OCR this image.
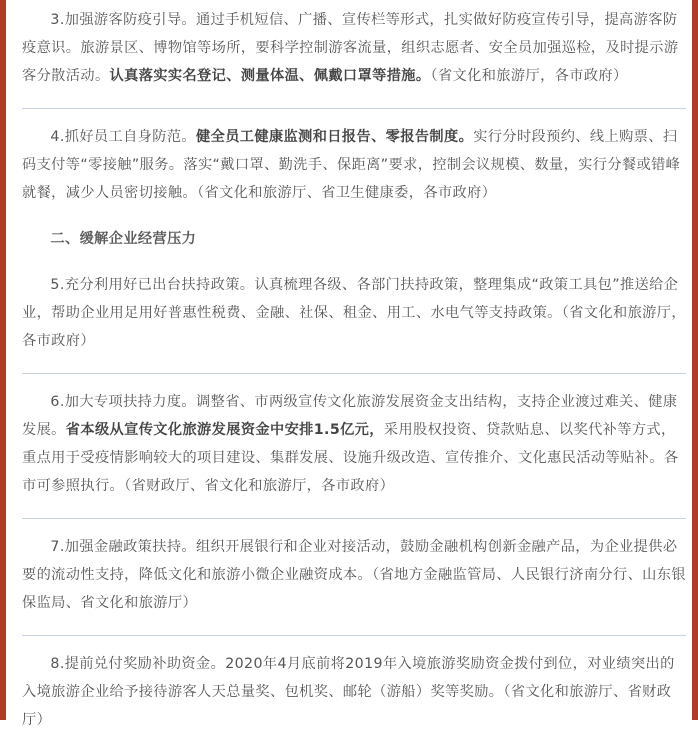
3.加强游客防疫引导。通过手机短信、广播、宣传栏等形式，扎实做好防疫宣传引导，提高游客防疫意识。旅游景区、博物馆等场所，要科学控制游客流量，组织志愿者、安全员加强巡检，及时提示游客分散活动。认真落实实名登记、测量体温、佩戴口罩等措施。（省文化和旅游厅，各市政府）

4.抓好员工自身防范。健全员工健康监测和日报告、零报告制度。实行分时段预约、线上购票、扫码支付等“零接触”服务。落实“戴口罩、勤洗手、保距离”要求，控制会议规模、数量，实行分餐或错峰就餐，减少人员密切接触。（省文化和旅游厅、省卫生健康委，各市政府）

二、缓解企业经营压力

5.充分利用好已出台扶持政策。认真梳理各级、各部门扶持政策，整理集成“政策工具包”推送给企业，帮助企业用足用好普惠性税费、金融、社保、租金、用工、水电气等支持政策。（省文化和旅游厅，各市政府）

6.加大专项扶持力度。调整省、市两级宣传文化旅游发展资金支出结构，支持企业渡过难关、健康发展。省本级从宣传文化旅游发展资金中安排1.5亿元，采用股权投资、贷款贴息、以奖代补等方式，重点用于受疫情影响较大的项目建设、集群发展、设施升级改造、宣传推介、文化惠民活动等贴补。各市可参照执行。（省财政厅、省文化和旅游厅，各市政府）

7.加强金融政策扶持。组织开展银行和企业对接活动，鼓励金融机构创新金融产品，为企业提供必要的流动性支持，降低文化和旅游小微企业融资成本。（省地方金融监管局、人民银行济南分行、山东银保监局、省文化和旅游厅）

8.提前兑付奖励补助资金。2020年4月底前将2019年入境旅游奖励资金拨付到位，对业绩突出的入境旅游企业给予接待游客人天总量奖、包机奖、邮轮（游船）奖等奖励。（省文化和旅游厅、省财政厅）
